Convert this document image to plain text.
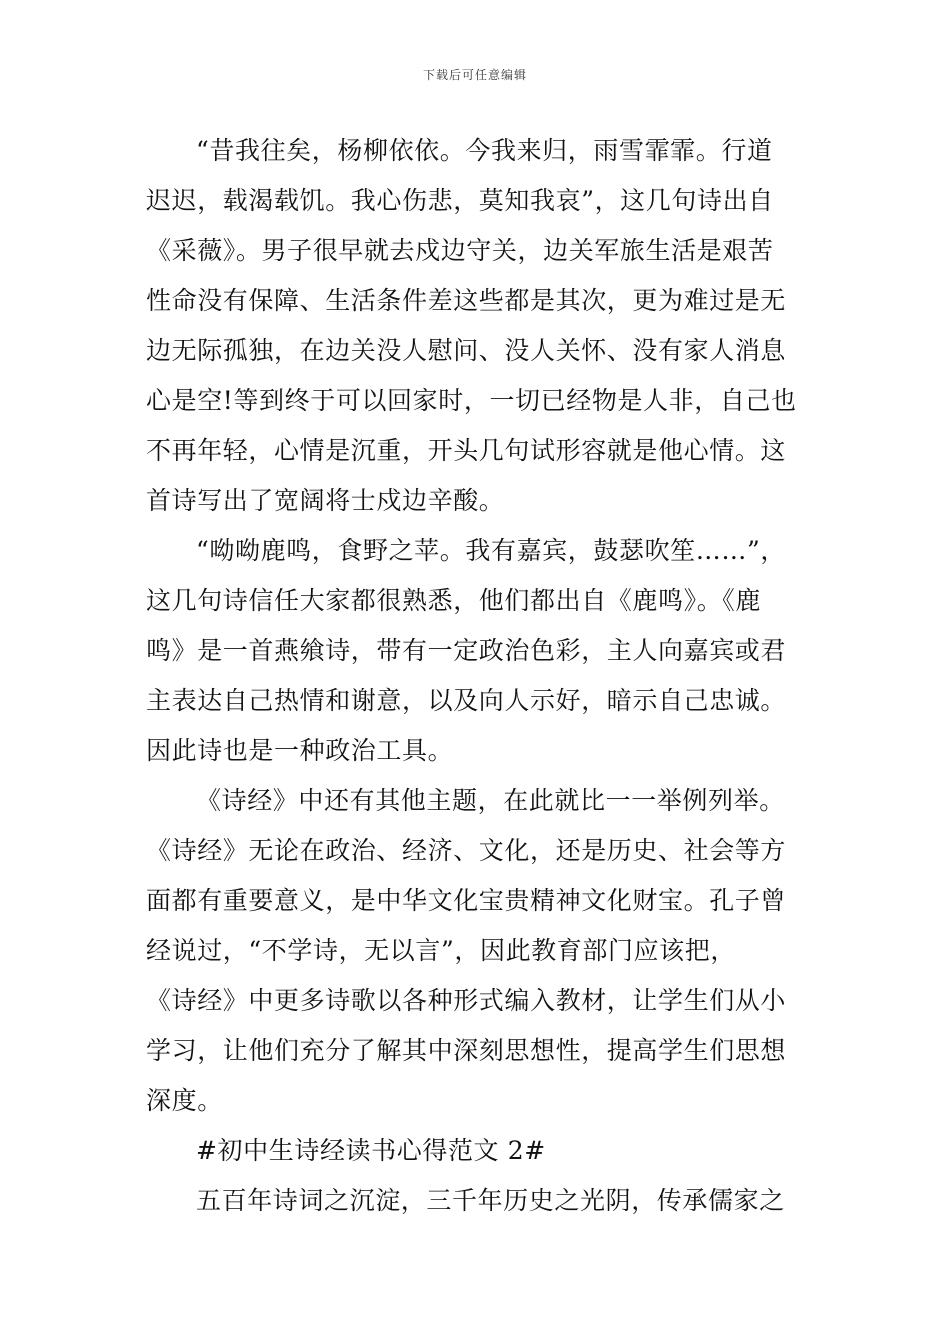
下载后可任意编辑
“昔我往矣，杨柳依依。今我来归，雨雪霏霏。行道
迟迟，载渴载饥。我心伤悲，莫知我哀”，这几句诗出自
《采薇》。男子很早就去戍边守关，边关军旅生活是艰苦
性命没有保障、生活条件差这些都是其次，更为难过是无
边无际孤独，在边关没人慰问、没人关怀、没有家人消息
心是空!等到终于可以回家时，一切已经物是人非，自己也
不再年轻，心情是沉重，开头几句试形容就是他心情。这
首诗写出了宽阔将士戍边辛酸。
“呦呦鹿鸣，食野之苹。我有嘉宾，鼓瑟吹笙……”，
这几句诗信任大家都很熟悉，他们都出自《鹿鸣》。《鹿
鸣》是一首燕飨诗，带有一定政治色彩，主人向嘉宾或君
主表达自己热情和谢意，以及向人示好，暗示自己忠诚。
因此诗也是一种政治工具。
《诗经》中还有其他主题，在此就比一一举例列举。
《诗经》无论在政治、经济、文化，还是历史、社会等方
面都有重要意义，是中华文化宝贵精神文化财宝。孔子曾
经说过，“不学诗，无以言”，因此教育部门应该把，
《诗经》中更多诗歌以各种形式编入教材，让学生们从小
学习，让他们充分了解其中深刻思想性，提高学生们思想
深度。
#初中生诗经读书心得范文 2#
五百年诗词之沉淀，三千年历史之光阴，传承儒家之
